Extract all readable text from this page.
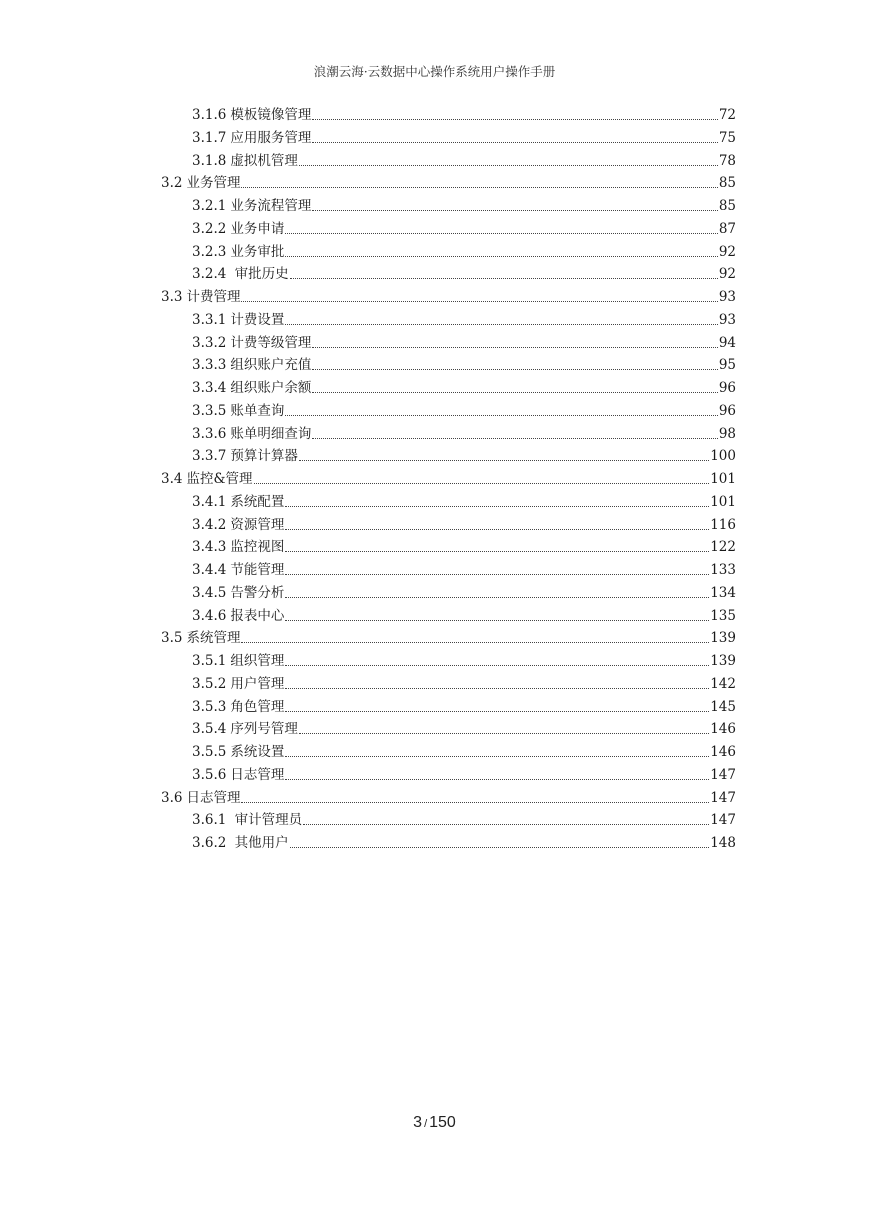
浪潮云海·云数据中心操作系统用户操作手册
3.1.6 模板镜像管理	72
3.1.7 应用服务管理	75
3.1.8 虚拟机管理	78
3.2 业务管理	85
3.2.1 业务流程管理	85
3.2.2 业务申请	87
3.2.3 业务审批	92
3.2.4 审批历史	92
3.3 计费管理	93
3.3.1 计费设置	93
3.3.2 计费等级管理	94
3.3.3 组织账户充值	95
3.3.4 组织账户余额	96
3.3.5 账单查询	96
3.3.6 账单明细查询	98
3.3.7 预算计算器	100
3.4 监控&管理	101
3.4.1 系统配置	101
3.4.2 资源管理	116
3.4.3 监控视图	122
3.4.4 节能管理	133
3.4.5 告警分析	134
3.4.6 报表中心	135
3.5 系统管理	139
3.5.1 组织管理	139
3.5.2 用户管理	142
3.5.3 角色管理	145
3.5.4 序列号管理	146
3.5.5 系统设置	146
3.5.6 日志管理	147
3.6 日志管理	147
3.6.1 审计管理员	147
3.6.2 其他用户	148
3 / 150
